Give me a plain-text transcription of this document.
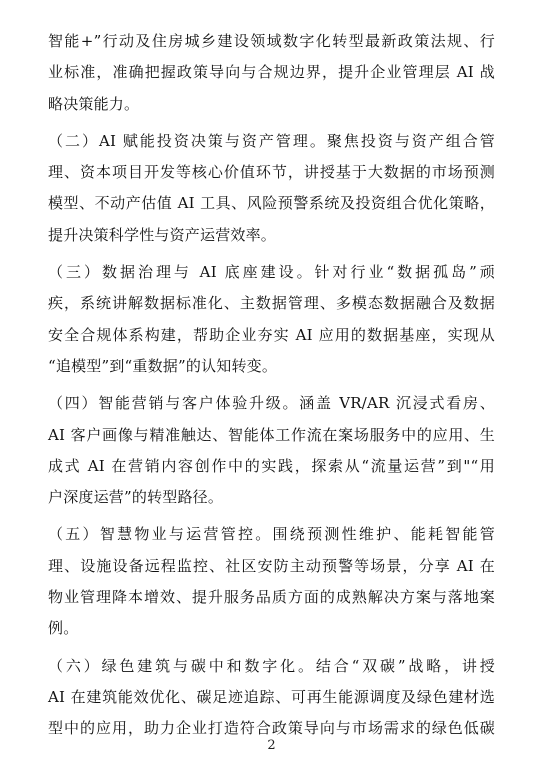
智能+”行动及住房城乡建设领域数字化转型最新政策法规、行
业标准，准确把握政策导向与合规边界，提升企业管理层 AI 战
略决策能力。

（二）AI 赋能投资决策与资产管理。聚焦投资与资产组合管
理、资本项目开发等核心价值环节，讲授基于大数据的市场预测
模型、不动产估值 AI 工具、风险预警系统及投资组合优化策略，
提升决策科学性与资产运营效率。

（三）数据治理与 AI 底座建设。针对行业“数据孤岛”顽
疾，系统讲解数据标准化、主数据管理、多模态数据融合及数据
安全合规体系构建，帮助企业夯实 AI 应用的数据基座，实现从
“追模型”到“重数据”的认知转变。

（四）智能营销与客户体验升级。涵盖 VR/AR 沉浸式看房、
AI 客户画像与精准触达、智能体工作流在案场服务中的应用、生
成式 AI 在营销内容创作中的实践，探索从“流量运营”到"“用
户深度运营”的转型路径。

（五）智慧物业与运营管控。围绕预测性维护、能耗智能管
理、设施设备远程监控、社区安防主动预警等场景，分享 AI 在
物业管理降本增效、提升服务品质方面的成熟解决方案与落地案
例。

（六）绿色建筑与碳中和数字化。结合“双碳”战略，讲授
AI 在建筑能效优化、碳足迹追踪、可再生能源调度及绿色建材选
型中的应用，助力企业打造符合政策导向与市场需求的绿色低碳

2
